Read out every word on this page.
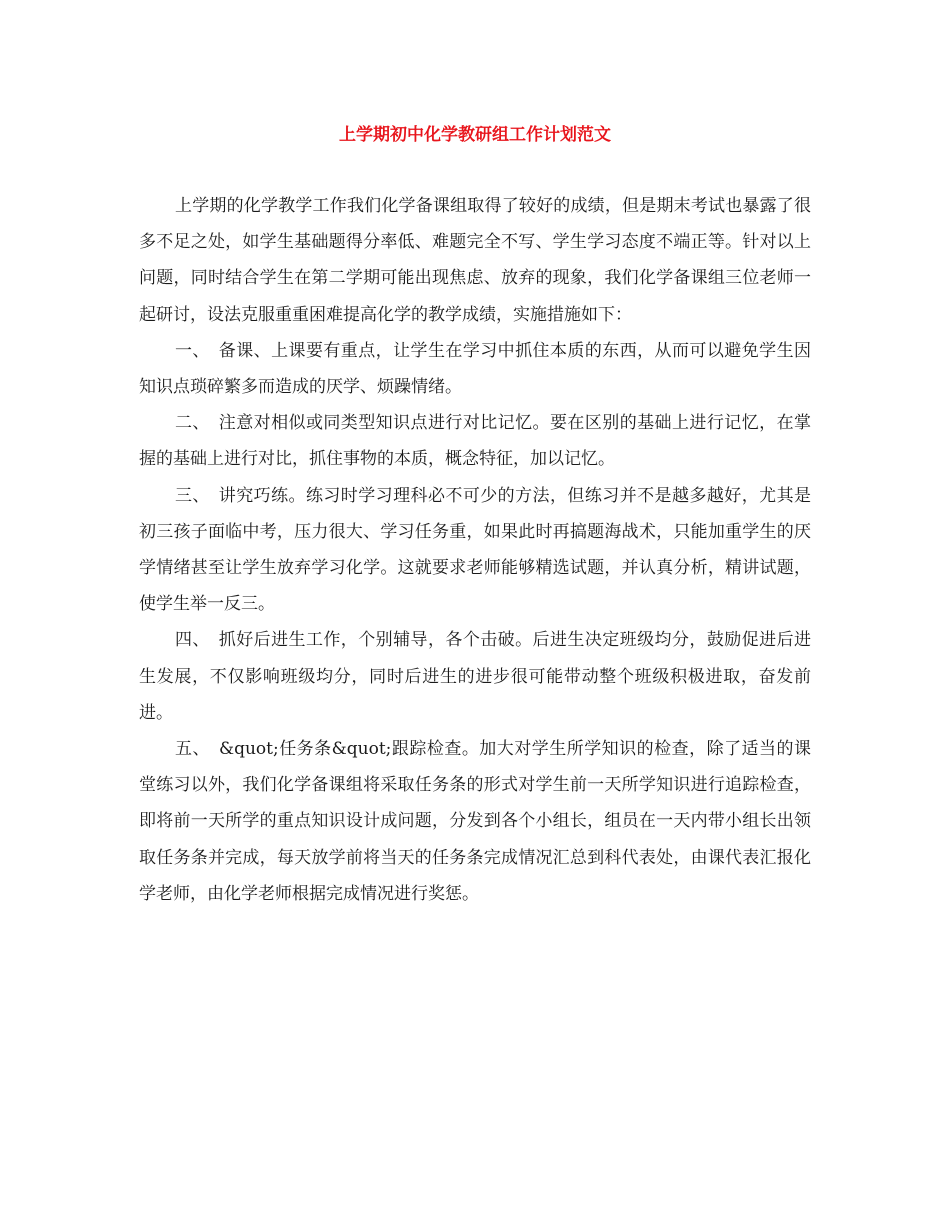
上学期初中化学教研组工作计划范文

上学期的化学教学工作我们化学备课组取得了较好的成绩，但是期末考试也暴露了很多不足之处，如学生基础题得分率低、难题完全不写、学生学习态度不端正等。针对以上问题，同时结合学生在第二学期可能出现焦虑、放弃的现象，我们化学备课组三位老师一起研讨，设法克服重重困难提高化学的教学成绩，实施措施如下：

一、　备课、上课要有重点，让学生在学习中抓住本质的东西，从而可以避免学生因知识点琐碎繁多而造成的厌学、烦躁情绪。

二、　注意对相似或同类型知识点进行对比记忆。要在区别的基础上进行记忆，在掌握的基础上进行对比，抓住事物的本质，概念特征，加以记忆。

三、　讲究巧练。练习时学习理科必不可少的方法，但练习并不是越多越好，尤其是初三孩子面临中考，压力很大、学习任务重，如果此时再搞题海战术，只能加重学生的厌学情绪甚至让学生放弃学习化学。这就要求老师能够精选试题，并认真分析，精讲试题，使学生举一反三。

四、　抓好后进生工作，个别辅导，各个击破。后进生决定班级均分，鼓励促进后进生发展，不仅影响班级均分，同时后进生的进步很可能带动整个班级积极进取，奋发前进。

五、　&quot;任务条&quot;跟踪检查。加大对学生所学知识的检查，除了适当的课堂练习以外，我们化学备课组将采取任务条的形式对学生前一天所学知识进行追踪检查，即将前一天所学的重点知识设计成问题，分发到各个小组长，组员在一天内带小组长出领取任务条并完成，每天放学前将当天的任务条完成情况汇总到科代表处，由课代表汇报化学老师，由化学老师根据完成情况进行奖惩。
